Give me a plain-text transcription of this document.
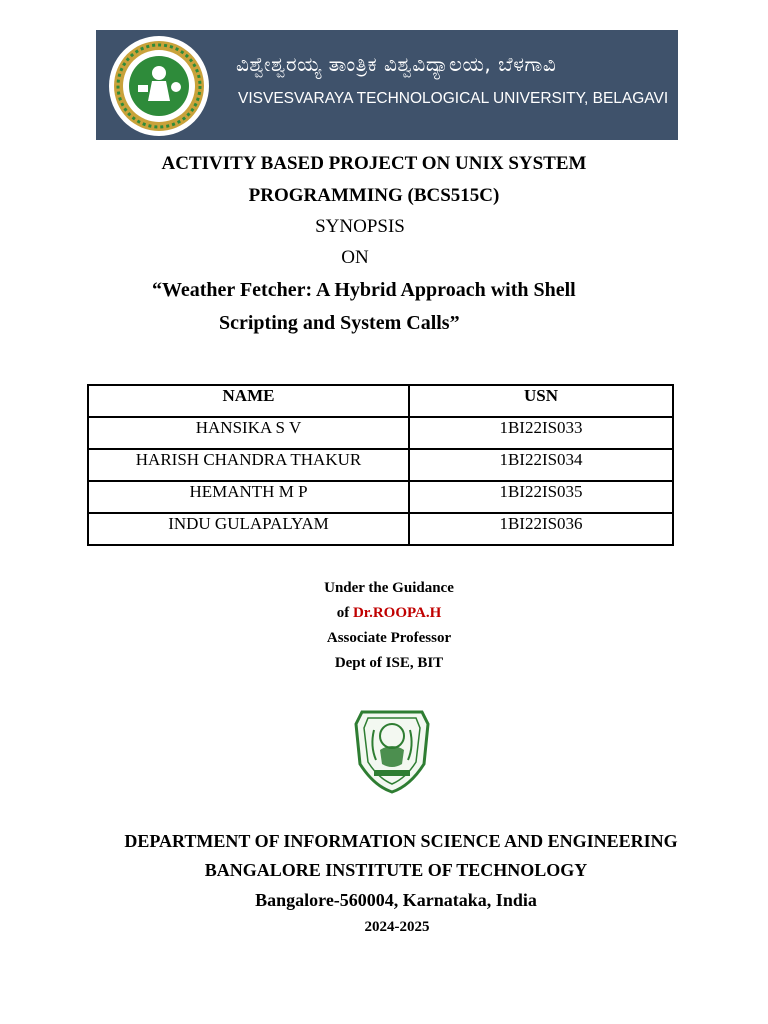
ವಿಶ್ವೇಶ್ವರಯ್ಯ ತಾಂತ್ರಿಕ ವಿಶ್ವವಿದ್ಯಾಲಯ, ಬೆಳಗಾವಿ
VISVESVARAYA TECHNOLOGICAL UNIVERSITY, BELAGAVI
ACTIVITY BASED PROJECT ON UNIX SYSTEM
PROGRAMMING (BCS515C)
SYNOPSIS
ON
“Weather Fetcher: A Hybrid Approach with Shell
Scripting and System Calls”
NAME	USN
HANSIKA S V	1BI22IS033
HARISH CHANDRA THAKUR	1BI22IS034
HEMANTH M P	1BI22IS035
INDU GULAPALYAM	1BI22IS036
Under the Guidance
of Dr.ROOPA.H
Associate Professor
Dept of ISE, BIT
DEPARTMENT OF INFORMATION SCIENCE AND ENGINEERING
BANGALORE INSTITUTE OF TECHNOLOGY
Bangalore-560004, Karnataka, India
2024-2025
